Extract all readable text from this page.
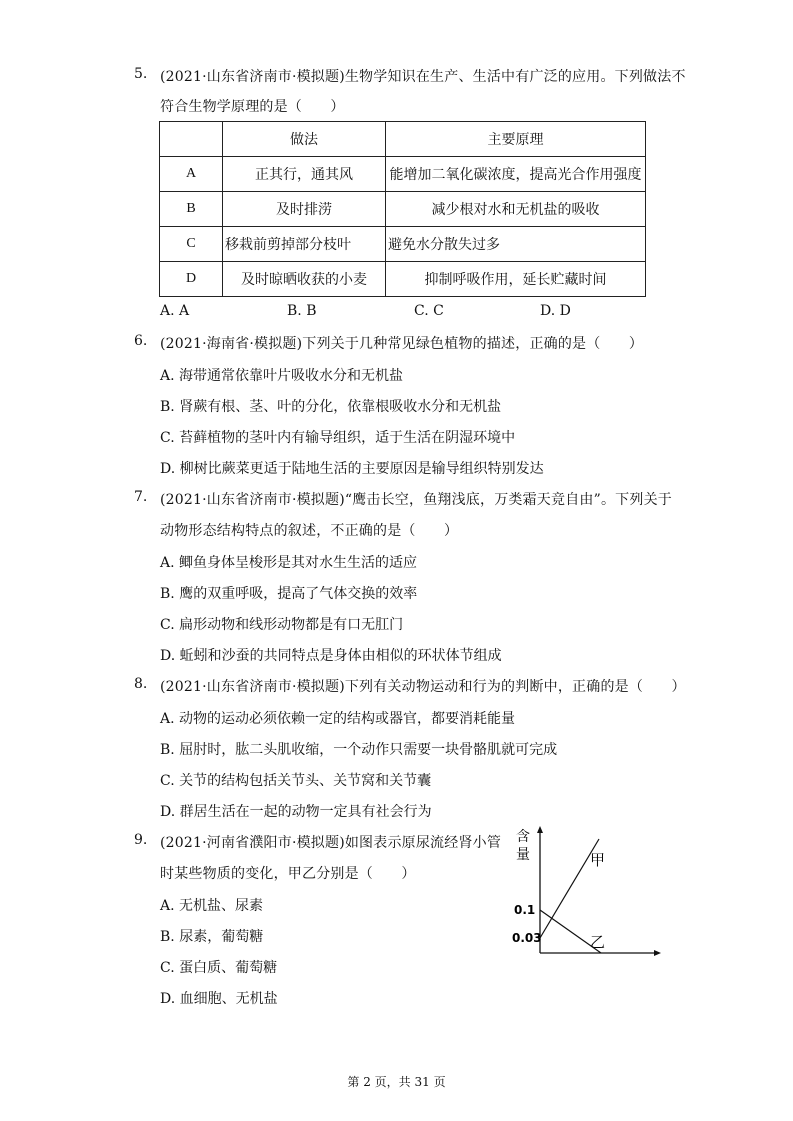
5. (2021·山东省济南市·模拟题)生物学知识在生产、生活中有广泛的应用。下列做法不
符合生物学原理的是（　　）
	做法	主要原理
A	正其行，通其风	能增加二氧化碳浓度，提高光合作用强度
B	及时排涝	减少根对水和无机盐的吸收
C	移栽前剪掉部分枝叶	避免水分散失过多
D	及时晾晒收获的小麦	抑制呼吸作用，延长贮藏时间
A. A	B. B	C. C	D. D
6. (2021·海南省·模拟题)下列关于几种常见绿色植物的描述，正确的是（　　）
A. 海带通常依靠叶片吸收水分和无机盐
B. 肾蕨有根、茎、叶的分化，依靠根吸收水分和无机盐
C. 苔藓植物的茎叶内有输导组织，适于生活在阴湿环境中
D. 柳树比蕨菜更适于陆地生活的主要原因是输导组织特别发达
7. (2021·山东省济南市·模拟题)“鹰击长空，鱼翔浅底，万类霜天竞自由”。下列关于
动物形态结构特点的叙述，不正确的是（　　）
A. 鲫鱼身体呈梭形是其对水生生活的适应
B. 鹰的双重呼吸，提高了气体交换的效率
C. 扁形动物和线形动物都是有口无肛门
D. 蚯蚓和沙蚕的共同特点是身体由相似的环状体节组成
8. (2021·山东省济南市·模拟题)下列有关动物运动和行为的判断中，正确的是（　　）
A. 动物的运动必须依赖一定的结构或器官，都要消耗能量
B. 屈肘时，肱二头肌收缩，一个动作只需要一块骨骼肌就可完成
C. 关节的结构包括关节头、关节窝和关节囊
D. 群居生活在一起的动物一定具有社会行为
9. (2021·河南省濮阳市·模拟题)如图表示原尿流经肾小管
时某些物质的变化，甲乙分别是（　　）
A. 无机盐、尿素
B. 尿素，葡萄糖
C. 蛋白质、葡萄糖
D. 血细胞、无机盐
含
量
0.1
0.03
甲
乙
第 2 页，共 31 页
